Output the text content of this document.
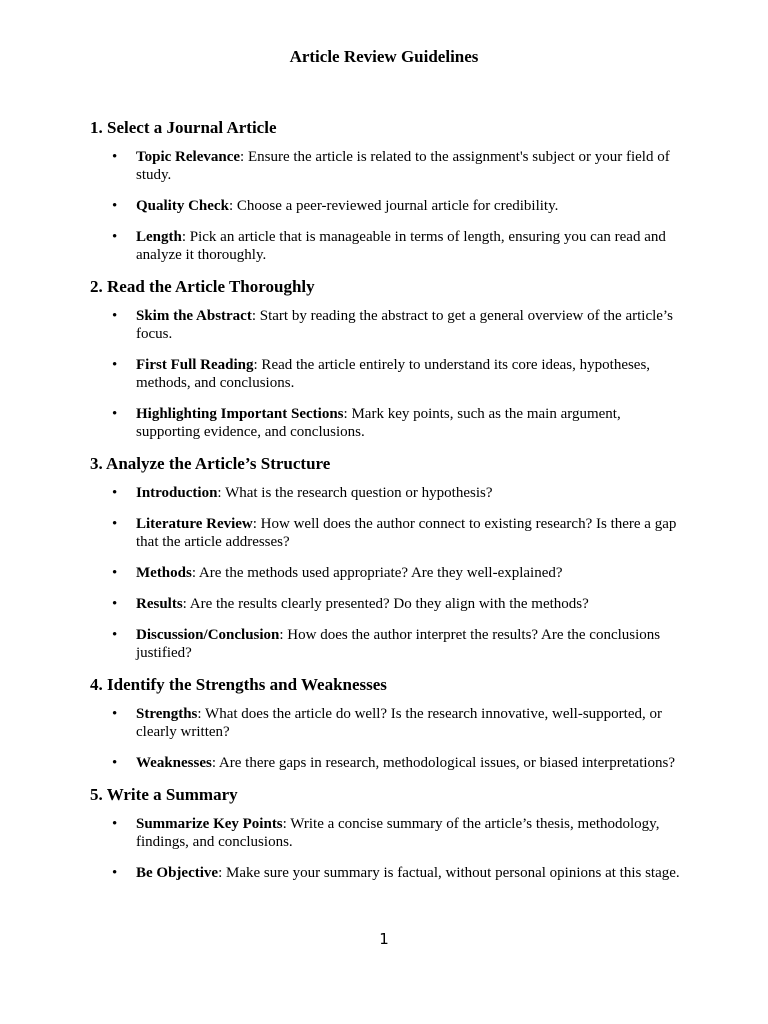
Article Review Guidelines
1. Select a Journal Article
• Topic Relevance: Ensure the article is related to the assignment's subject or your field of study.
• Quality Check: Choose a peer-reviewed journal article for credibility.
• Length: Pick an article that is manageable in terms of length, ensuring you can read and analyze it thoroughly.
2. Read the Article Thoroughly
• Skim the Abstract: Start by reading the abstract to get a general overview of the article’s focus.
• First Full Reading: Read the article entirely to understand its core ideas, hypotheses, methods, and conclusions.
• Highlighting Important Sections: Mark key points, such as the main argument, supporting evidence, and conclusions.
3. Analyze the Article’s Structure
• Introduction: What is the research question or hypothesis?
• Literature Review: How well does the author connect to existing research? Is there a gap that the article addresses?
• Methods: Are the methods used appropriate? Are they well-explained?
• Results: Are the results clearly presented? Do they align with the methods?
• Discussion/Conclusion: How does the author interpret the results? Are the conclusions justified?
4. Identify the Strengths and Weaknesses
• Strengths: What does the article do well? Is the research innovative, well-supported, or clearly written?
• Weaknesses: Are there gaps in research, methodological issues, or biased interpretations?
5. Write a Summary
• Summarize Key Points: Write a concise summary of the article’s thesis, methodology, findings, and conclusions.
• Be Objective: Make sure your summary is factual, without personal opinions at this stage.
1
